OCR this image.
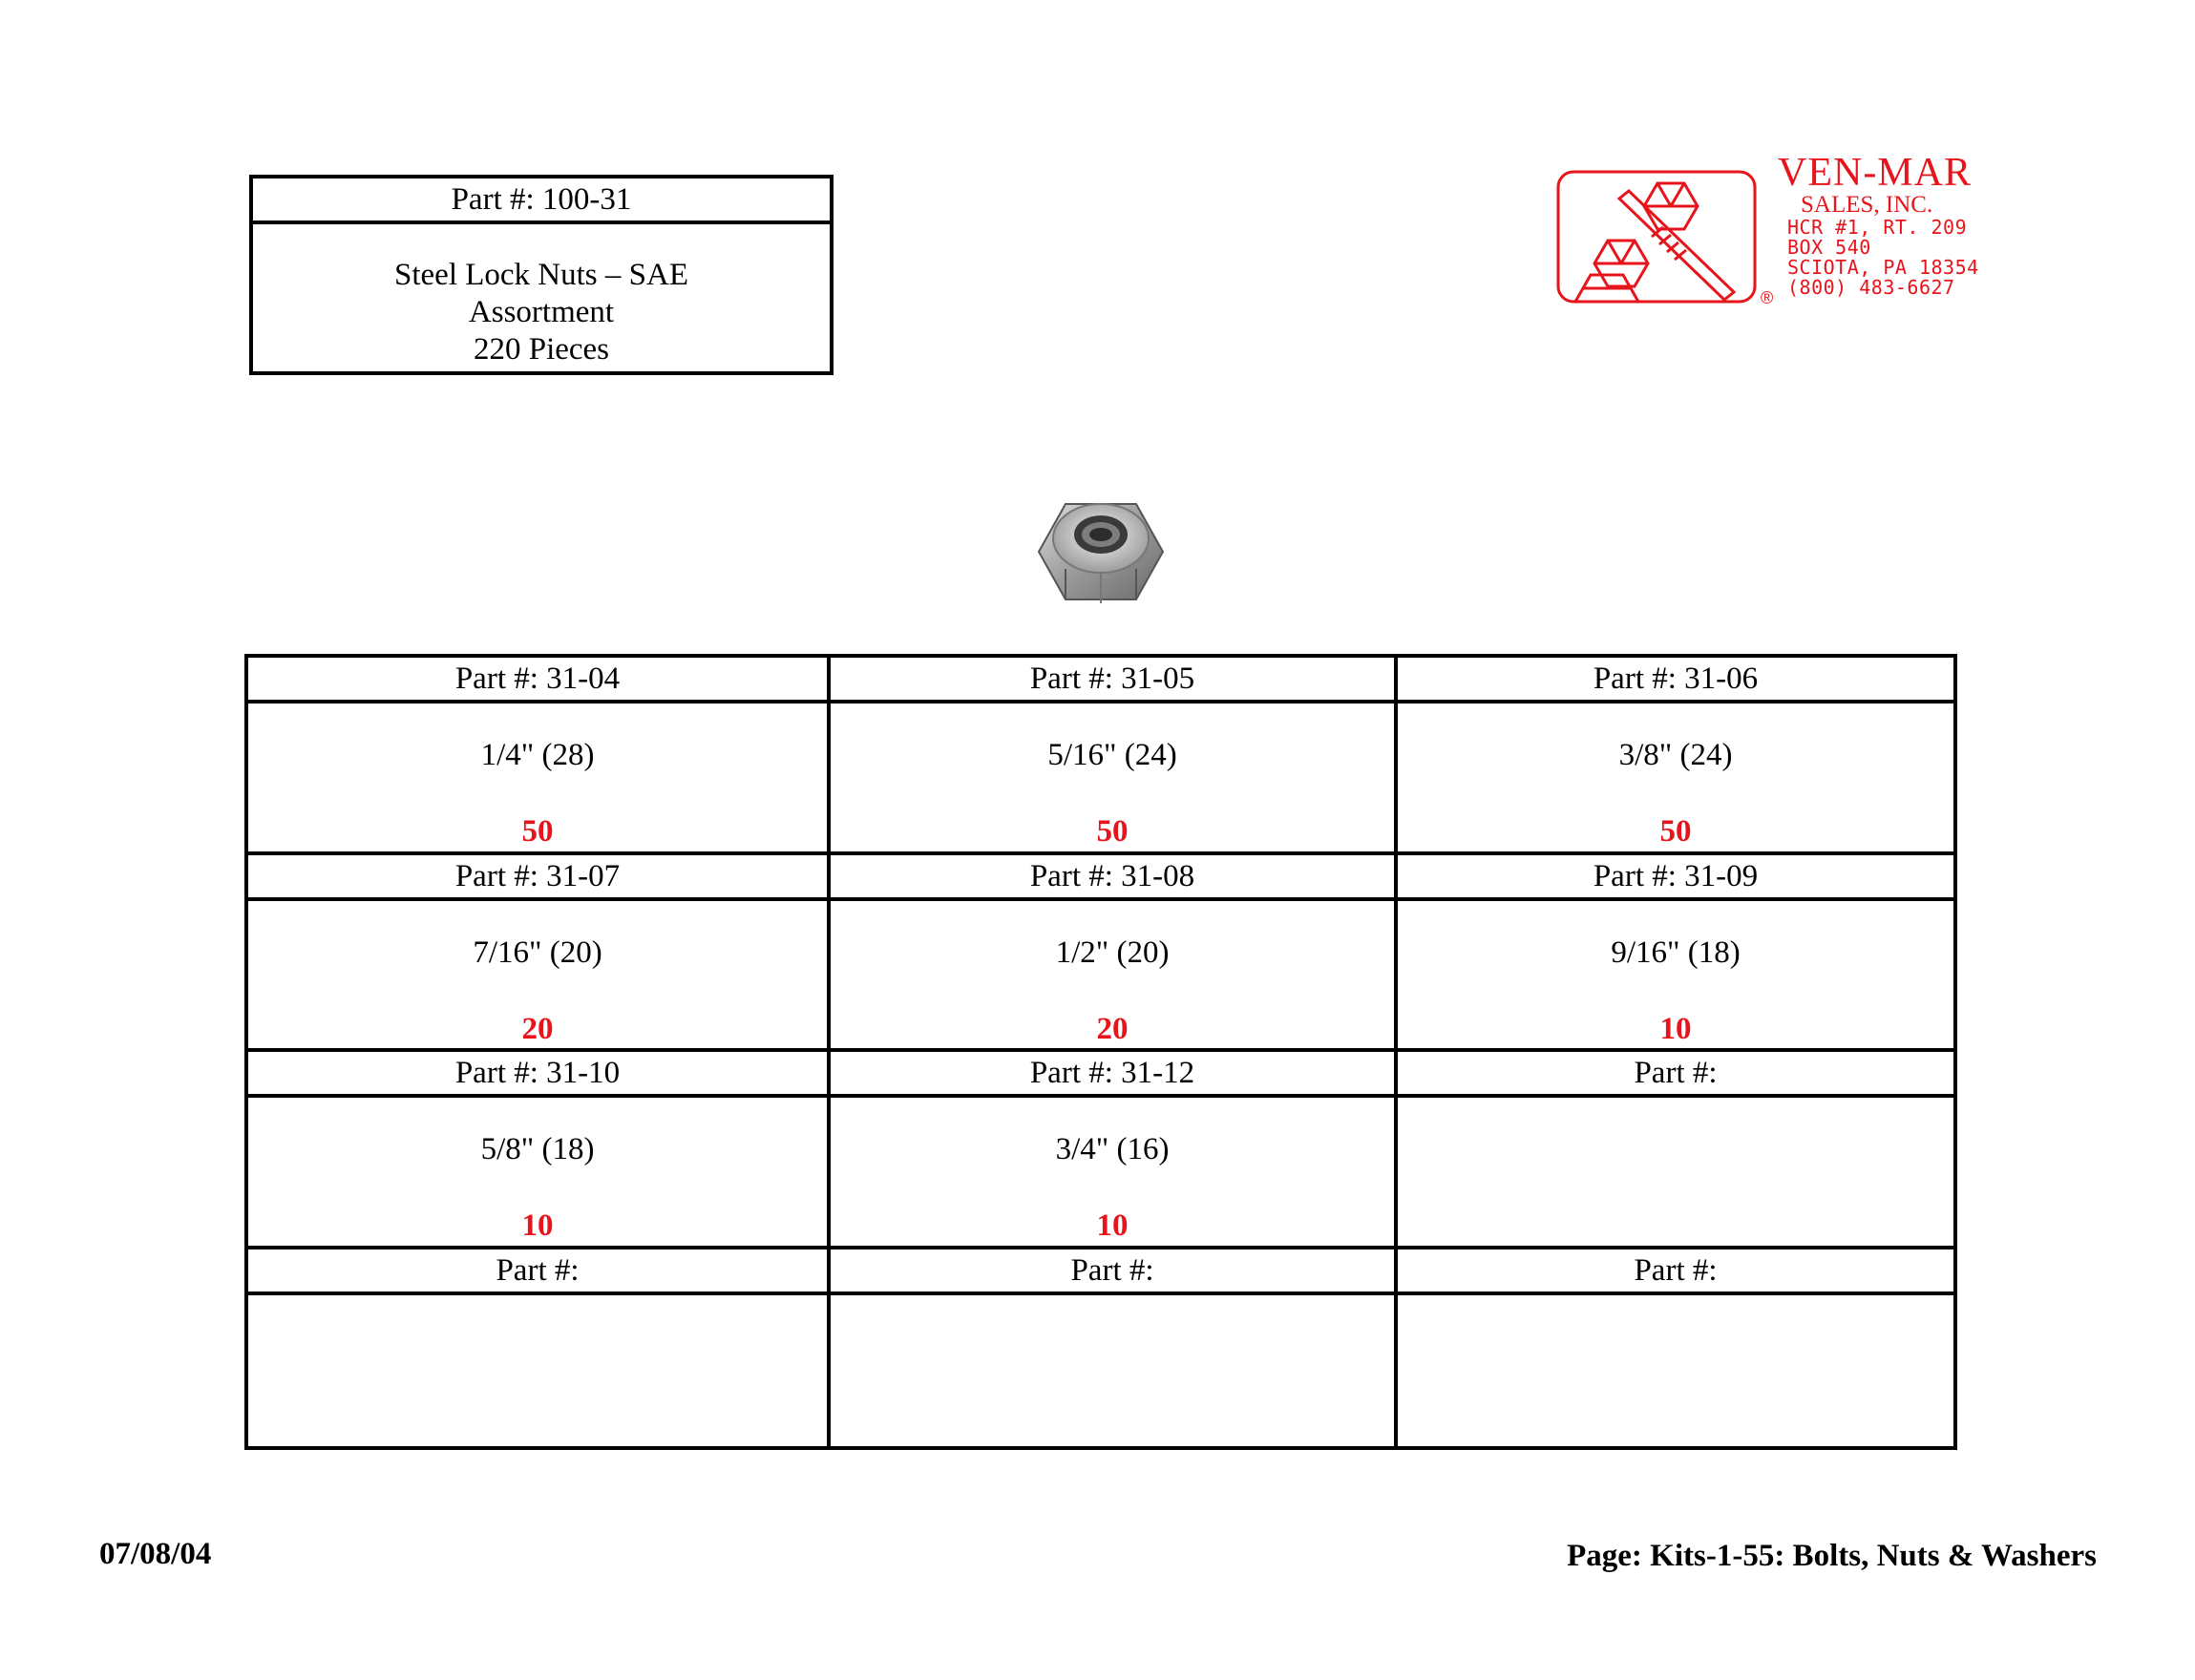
Part #: 100-31
Steel Lock Nuts – SAE
Assortment
220 Pieces
®
VEN-MAR
SALES, INC.
HCR #1, RT. 209
BOX 540
SCIOTA, PA 18354
(800) 483-6627
Part #: 31-04
1/4" (28)
50
Part #: 31-05
5/16" (24)
50
Part #: 31-06
3/8" (24)
50
Part #: 31-07
7/16" (20)
20
Part #: 31-08
1/2" (20)
20
Part #: 31-09
9/16" (18)
10
Part #: 31-10
5/8" (18)
10
Part #: 31-12
3/4" (16)
10
Part #:
Part #:	Part #:	Part #:
07/08/04	Page: Kits-1-55: Bolts, Nuts & Washers
